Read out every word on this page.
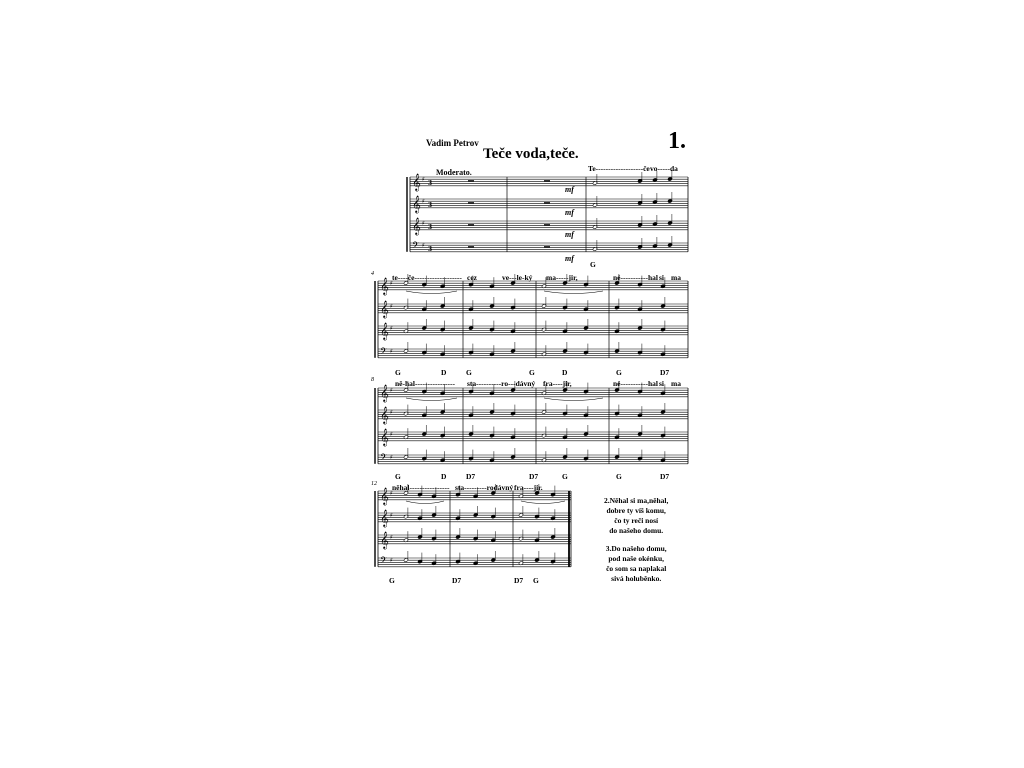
Vadim Petrov
Teče voda,teče.	1.
Moderato.
𝄞 ♯
𝄞 ♯
𝄞 ♯
𝄢 ♯
3
3
3
3
𝄞 ♯
𝄞 ♯
𝄞 ♯
𝄢 ♯
𝄞 ♯
𝄞 ♯
𝄞 ♯
𝄢 ♯
𝄞 ♯
𝄞 ♯
𝄞 ♯
𝄢 ♯
Te-------------------če vo-----da
mf
mf
mf
mf
G
4 te----če------------------- cez	ve---le-ký ma-----jir,	né-----------hal si ma
G	D	G	G	D	G	D7
8	ně-hal---------------- sta----------ro---dávný fra----jir,	né-----------hal si ma
G	D	D7	D7	G	G	D7
12 něhal---------------- sta---------rodávný fra----jir.
G	D7	D7 G
2.Něhal si ma,něhal,
dobre ty víš komu,
čo ty reči nosí
do našeho domu.
3.Do našeho domu,
pod naše okénku,
čo som sa naplakal
sivá holuběnko.
